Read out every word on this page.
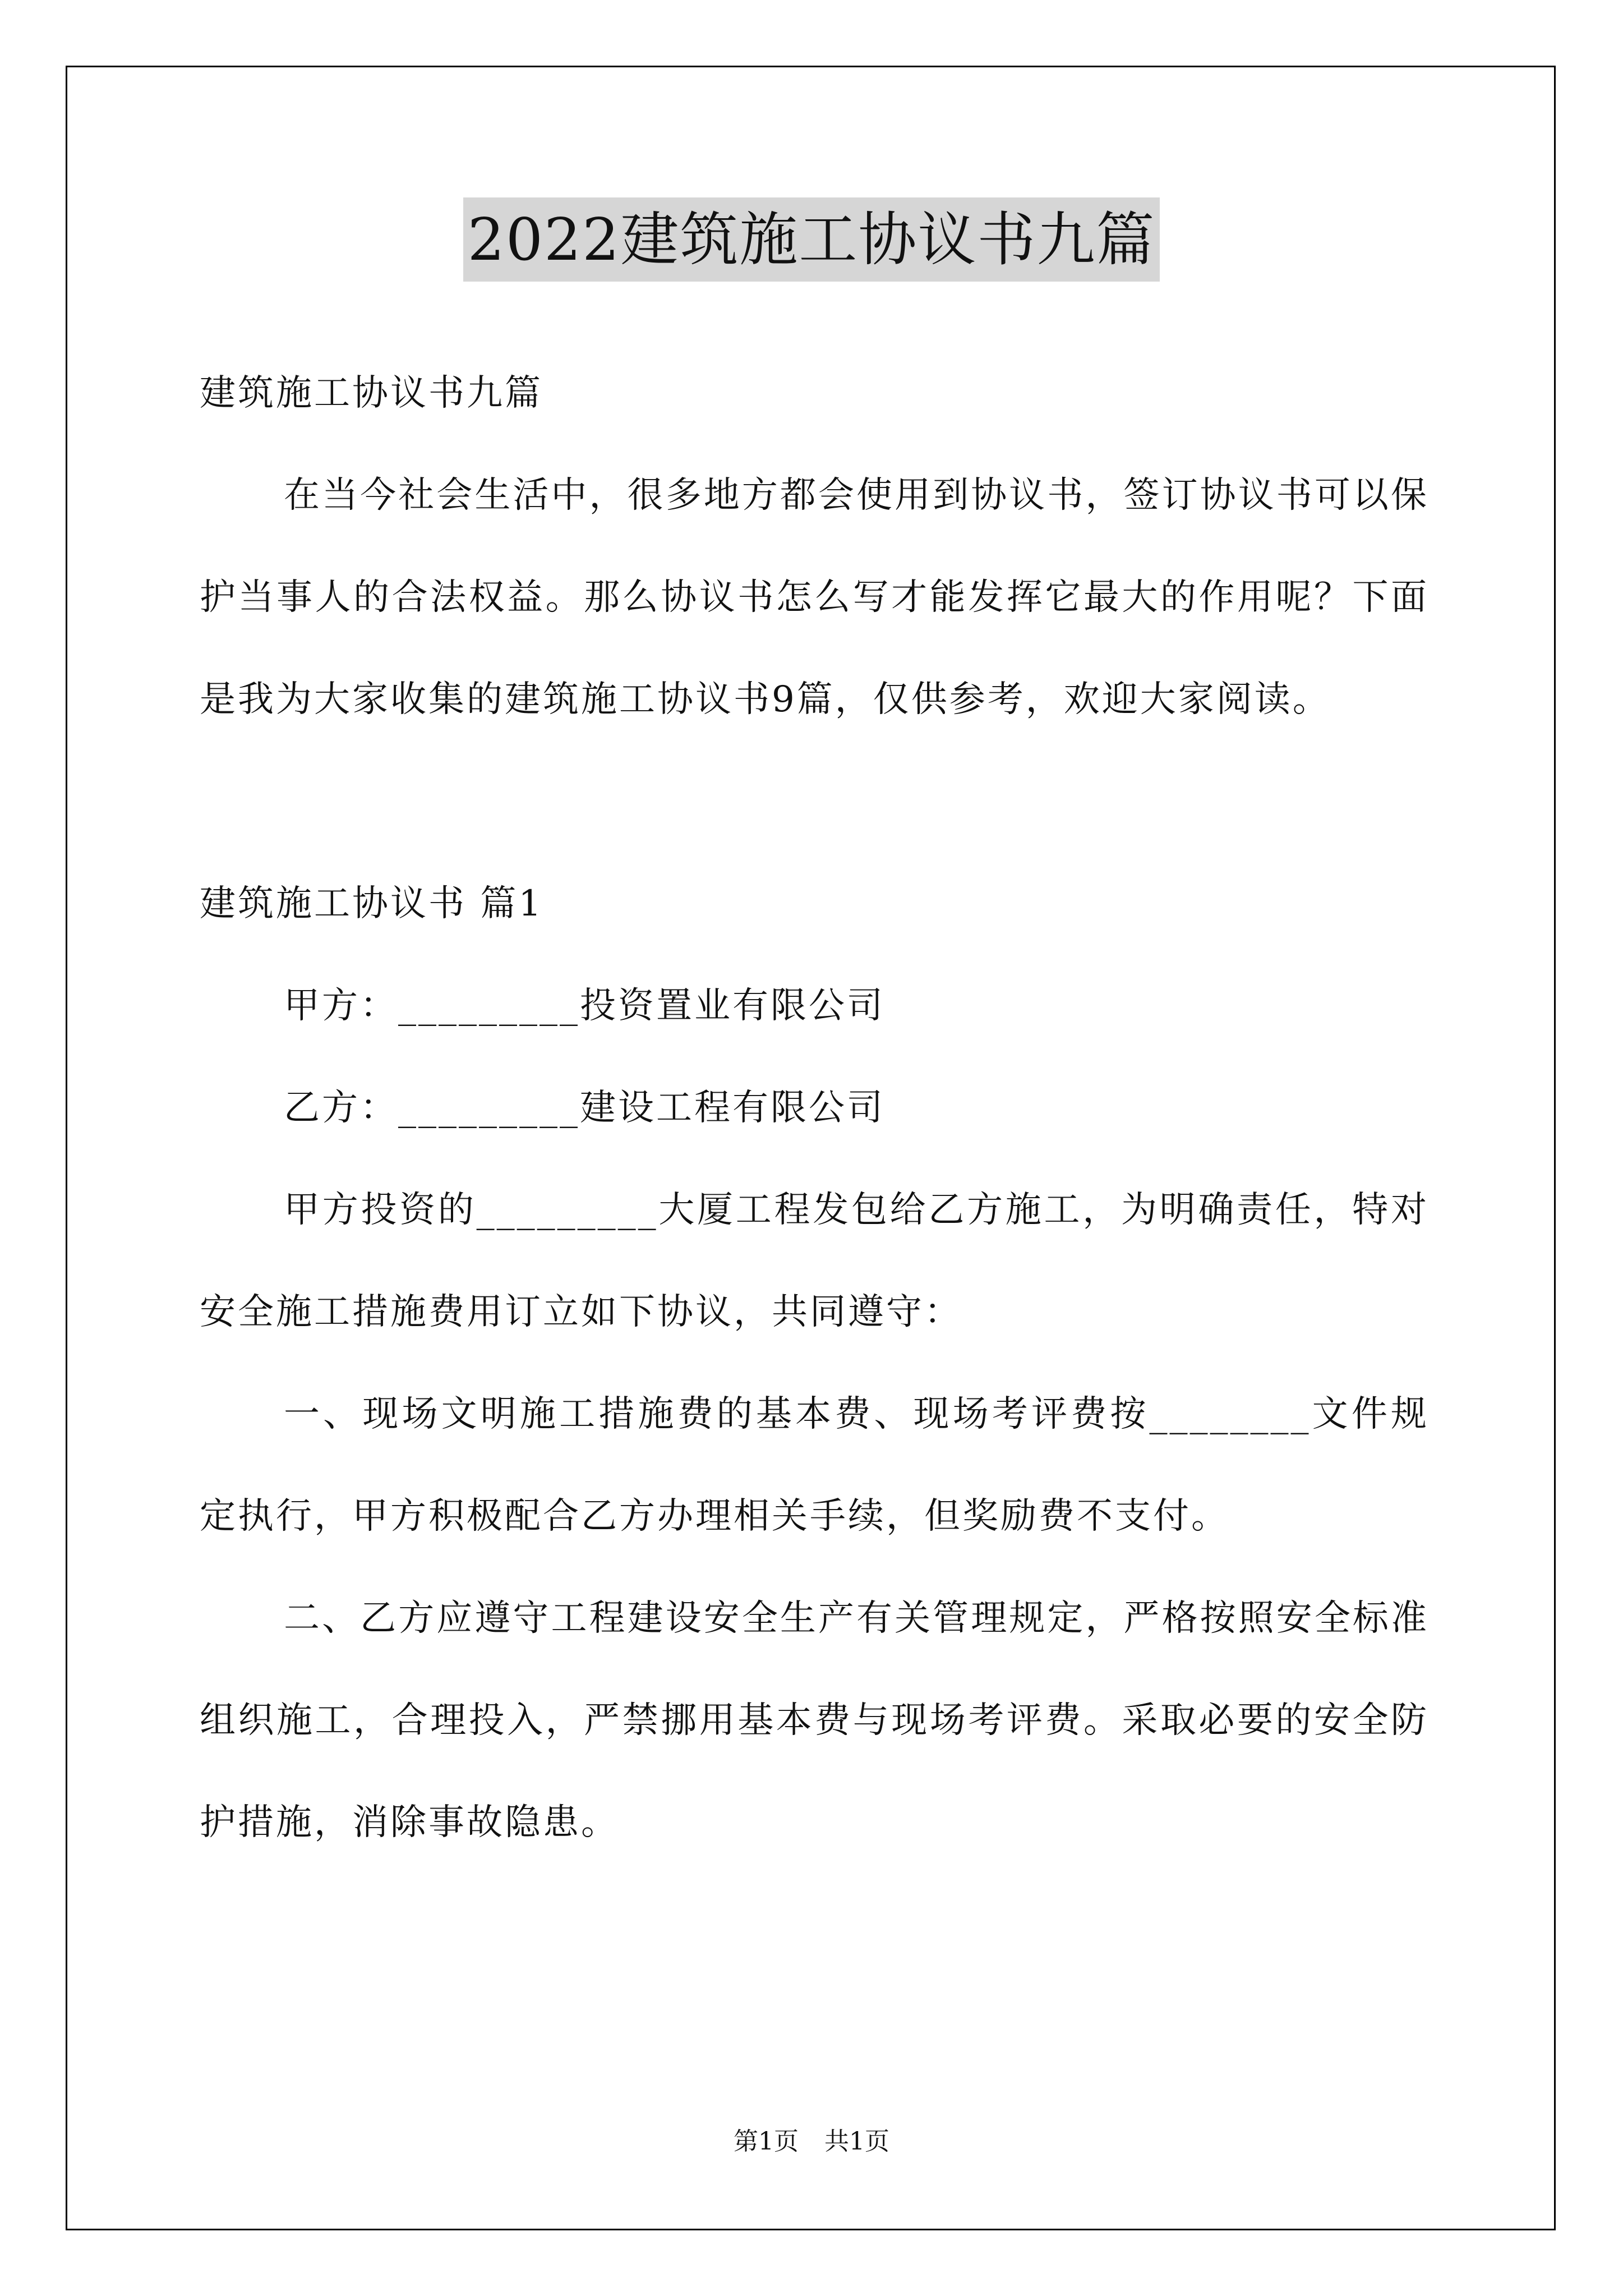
2022建筑施工协议书九篇

建筑施工协议书九篇

在当今社会生活中，很多地方都会使用到协议书，签订协议书可以保护当事人的合法权益。那么协议书怎么写才能发挥它最大的作用呢？下面是我为大家收集的建筑施工协议书9篇，仅供参考，欢迎大家阅读。

建筑施工协议书 篇1

甲方：_________投资置业有限公司

乙方：_________建设工程有限公司

甲方投资的_________大厦工程发包给乙方施工，为明确责任，特对安全施工措施费用订立如下协议，共同遵守：

一、现场文明施工措施费的基本费、现场考评费按________文件规定执行，甲方积极配合乙方办理相关手续，但奖励费不支付。

二、乙方应遵守工程建设安全生产有关管理规定，严格按照安全标准组织施工，合理投入，严禁挪用基本费与现场考评费。采取必要的安全防护措施，消除事故隐患。

第1页 共1页
